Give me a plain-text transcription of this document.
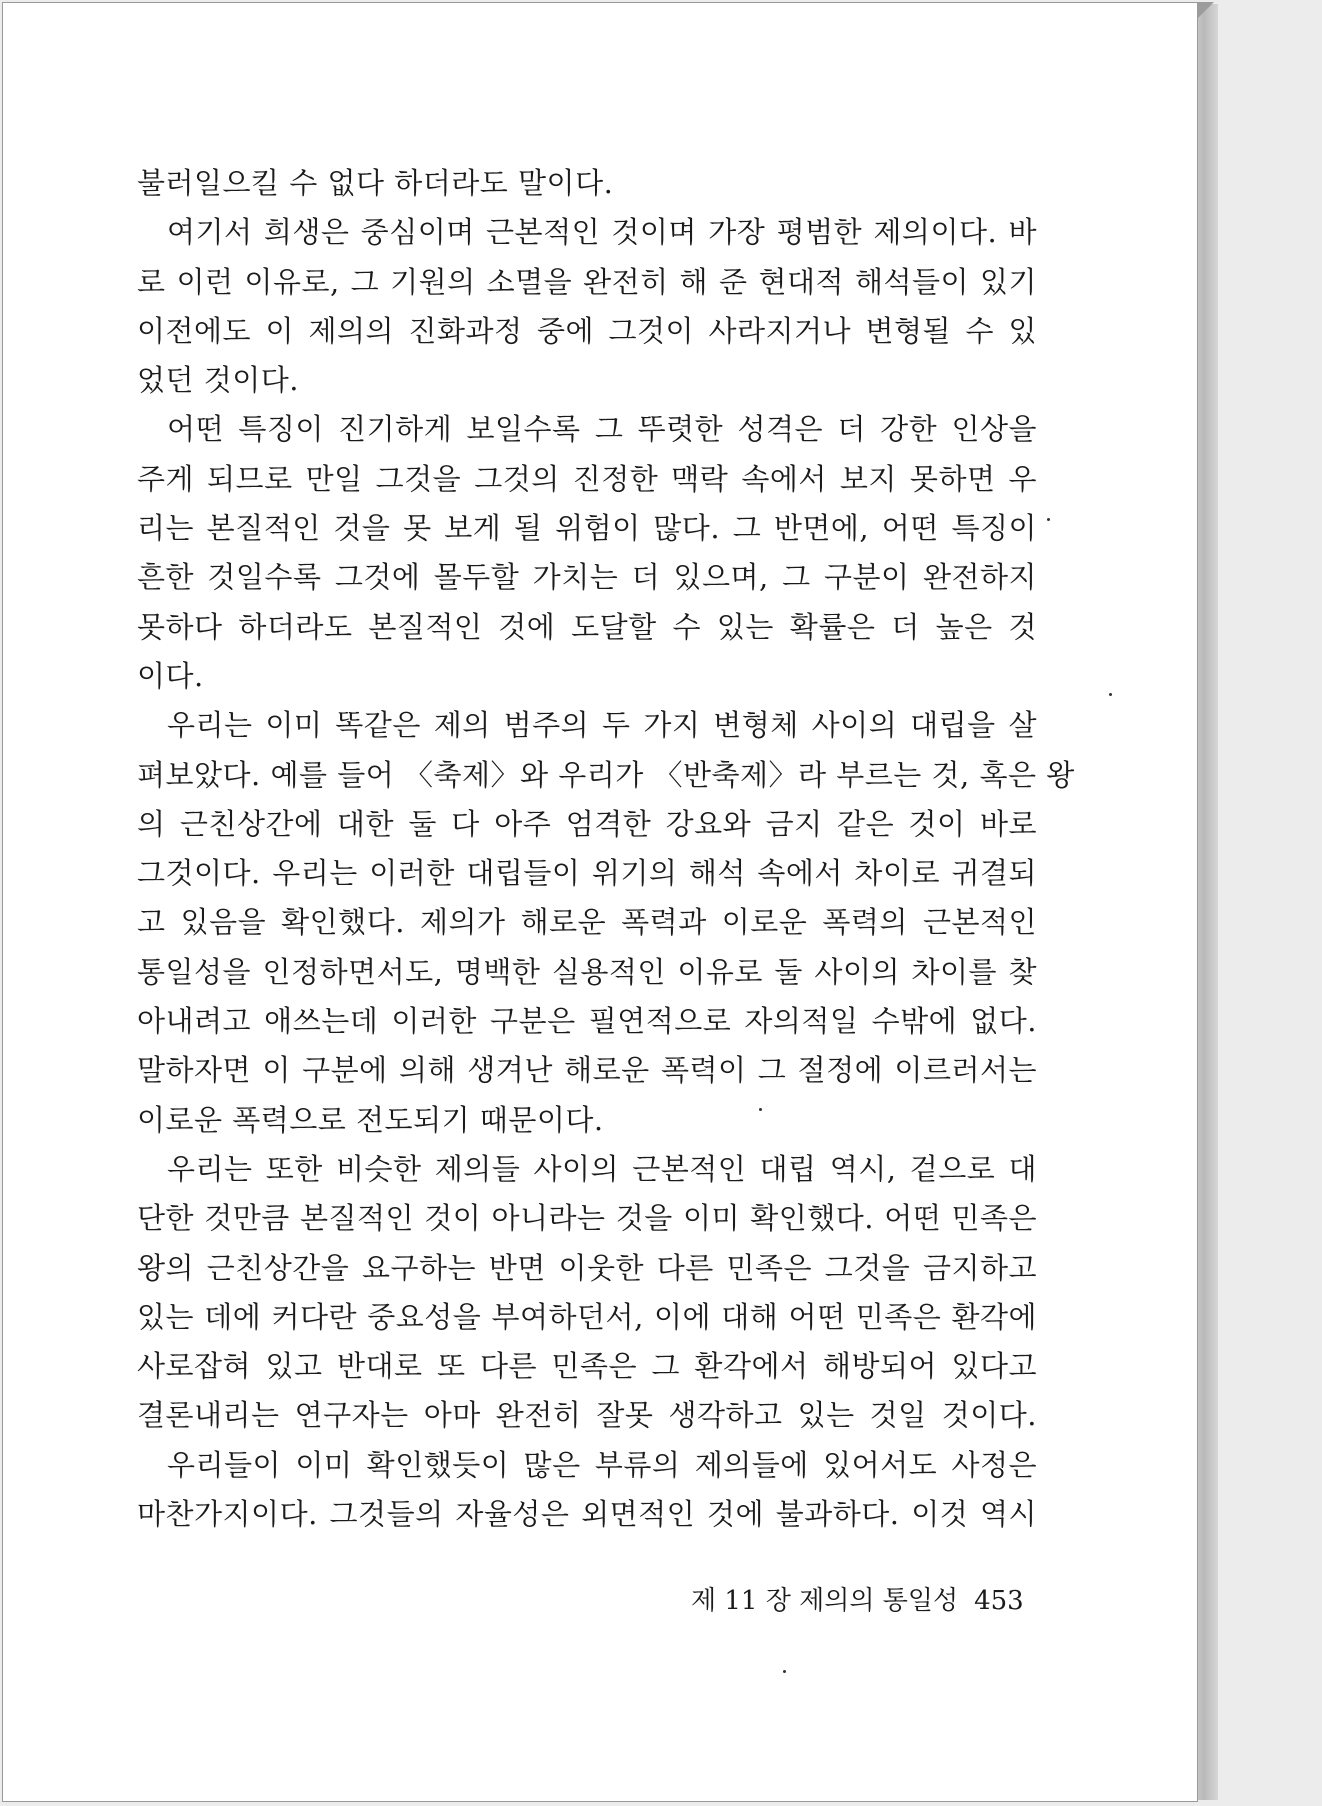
불러일으킬 수 없다 하더라도 말이다.
여기서 희생은 중심이며 근본적인 것이며 가장 평범한 제의이다. 바
로 이런 이유로, 그 기원의 소멸을 완전히 해 준 현대적 해석들이 있기
이전에도 이 제의의 진화과정 중에 그것이 사라지거나 변형될 수 있
었던 것이다.
어떤 특징이 진기하게 보일수록 그 뚜렷한 성격은 더 강한 인상을
주게 되므로 만일 그것을 그것의 진정한 맥락 속에서 보지 못하면 우
리는 본질적인 것을 못 보게 될 위험이 많다. 그 반면에, 어떤 특징이
흔한 것일수록 그것에 몰두할 가치는 더 있으며, 그 구분이 완전하지
못하다 하더라도 본질적인 것에 도달할 수 있는 확률은 더 높은 것
이다.
우리는 이미 똑같은 제의 범주의 두 가지 변형체 사이의 대립을 살
펴보았다. 예를 들어 〈축제〉와 우리가 〈반축제〉라 부르는 것, 혹은 왕
의 근친상간에 대한 둘 다 아주 엄격한 강요와 금지 같은 것이 바로
그것이다. 우리는 이러한 대립들이 위기의 해석 속에서 차이로 귀결되
고 있음을 확인했다. 제의가 해로운 폭력과 이로운 폭력의 근본적인
통일성을 인정하면서도, 명백한 실용적인 이유로 둘 사이의 차이를 찾
아내려고 애쓰는데 이러한 구분은 필연적으로 자의적일 수밖에 없다.
말하자면 이 구분에 의해 생겨난 해로운 폭력이 그 절정에 이르러서는
이로운 폭력으로 전도되기 때문이다.
우리는 또한 비슷한 제의들 사이의 근본적인 대립 역시, 겉으로 대
단한 것만큼 본질적인 것이 아니라는 것을 이미 확인했다. 어떤 민족은
왕의 근친상간을 요구하는 반면 이웃한 다른 민족은 그것을 금지하고
있는 데에 커다란 중요성을 부여하던서, 이에 대해 어떤 민족은 환각에
사로잡혀 있고 반대로 또 다른 민족은 그 환각에서 해방되어 있다고
결론내리는 연구자는 아마 완전히 잘못 생각하고 있는 것일 것이다.
우리들이 이미 확인했듯이 많은 부류의 제의들에 있어서도 사정은
마찬가지이다. 그것들의 자율성은 외면적인 것에 불과하다. 이것 역시
제 11 장 제의의 통일성 453
